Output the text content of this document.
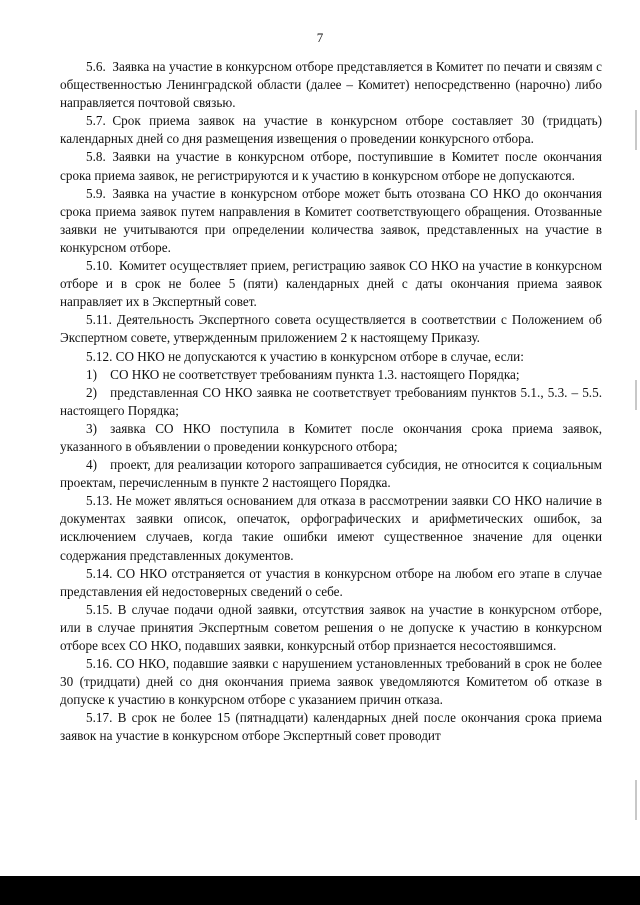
7

5.6. Заявка на участие в конкурсном отборе представляется в Комитет по печати и связям с общественностью Ленинградской области (далее – Комитет) непосредственно (нарочно) либо направляется почтовой связью.

5.7. Срок приема заявок на участие в конкурсном отборе составляет 30 (тридцать) календарных дней со дня размещения извещения о проведении конкурсного отбора.

5.8. Заявки на участие в конкурсном отборе, поступившие в Комитет после окончания срока приема заявок, не регистрируются и к участию в конкурсном отборе не допускаются.

5.9. Заявка на участие в конкурсном отборе может быть отозвана СО НКО до окончания срока приема заявок путем направления в Комитет соответствующего обращения. Отозванные заявки не учитываются при определении количества заявок, представленных на участие в конкурсном отборе.

5.10. Комитет осуществляет прием, регистрацию заявок СО НКО на участие в конкурсном отборе и в срок не более 5 (пяти) календарных дней с даты окончания приема заявок направляет их в Экспертный совет.

5.11. Деятельность Экспертного совета осуществляется в соответствии с Положением об Экспертном совете, утвержденным приложением 2 к настоящему Приказу.

5.12. СО НКО не допускаются к участию в конкурсном отборе в случае, если:

1) СО НКО не соответствует требованиям пункта 1.3. настоящего Порядка;

2) представленная СО НКО заявка не соответствует требованиям пунктов 5.1., 5.3. – 5.5. настоящего Порядка;

3) заявка СО НКО поступила в Комитет после окончания срока приема заявок, указанного в объявлении о проведении конкурсного отбора;

4) проект, для реализации которого запрашивается субсидия, не относится к социальным проектам, перечисленным в пункте 2 настоящего Порядка.

5.13. Не может являться основанием для отказа в рассмотрении заявки СО НКО наличие в документах заявки описок, опечаток, орфографических и арифметических ошибок, за исключением случаев, когда такие ошибки имеют существенное значение для оценки содержания представленных документов.

5.14. СО НКО отстраняется от участия в конкурсном отборе на любом его этапе в случае представления ей недостоверных сведений о себе.

5.15. В случае подачи одной заявки, отсутствия заявок на участие в конкурсном отборе, или в случае принятия Экспертным советом решения о не допуске к участию в конкурсном отборе всех СО НКО, подавших заявки, конкурсный отбор признается несостоявшимся.

5.16. СО НКО, подавшие заявки с нарушением установленных требований в срок не более 30 (тридцати) дней со дня окончания приема заявок уведомляются Комитетом об отказе в допуске к участию в конкурсном отборе с указанием причин отказа.

5.17. В срок не более 15 (пятнадцати) календарных дней после окончания срока приема заявок на участие в конкурсном отборе Экспертный совет проводит
